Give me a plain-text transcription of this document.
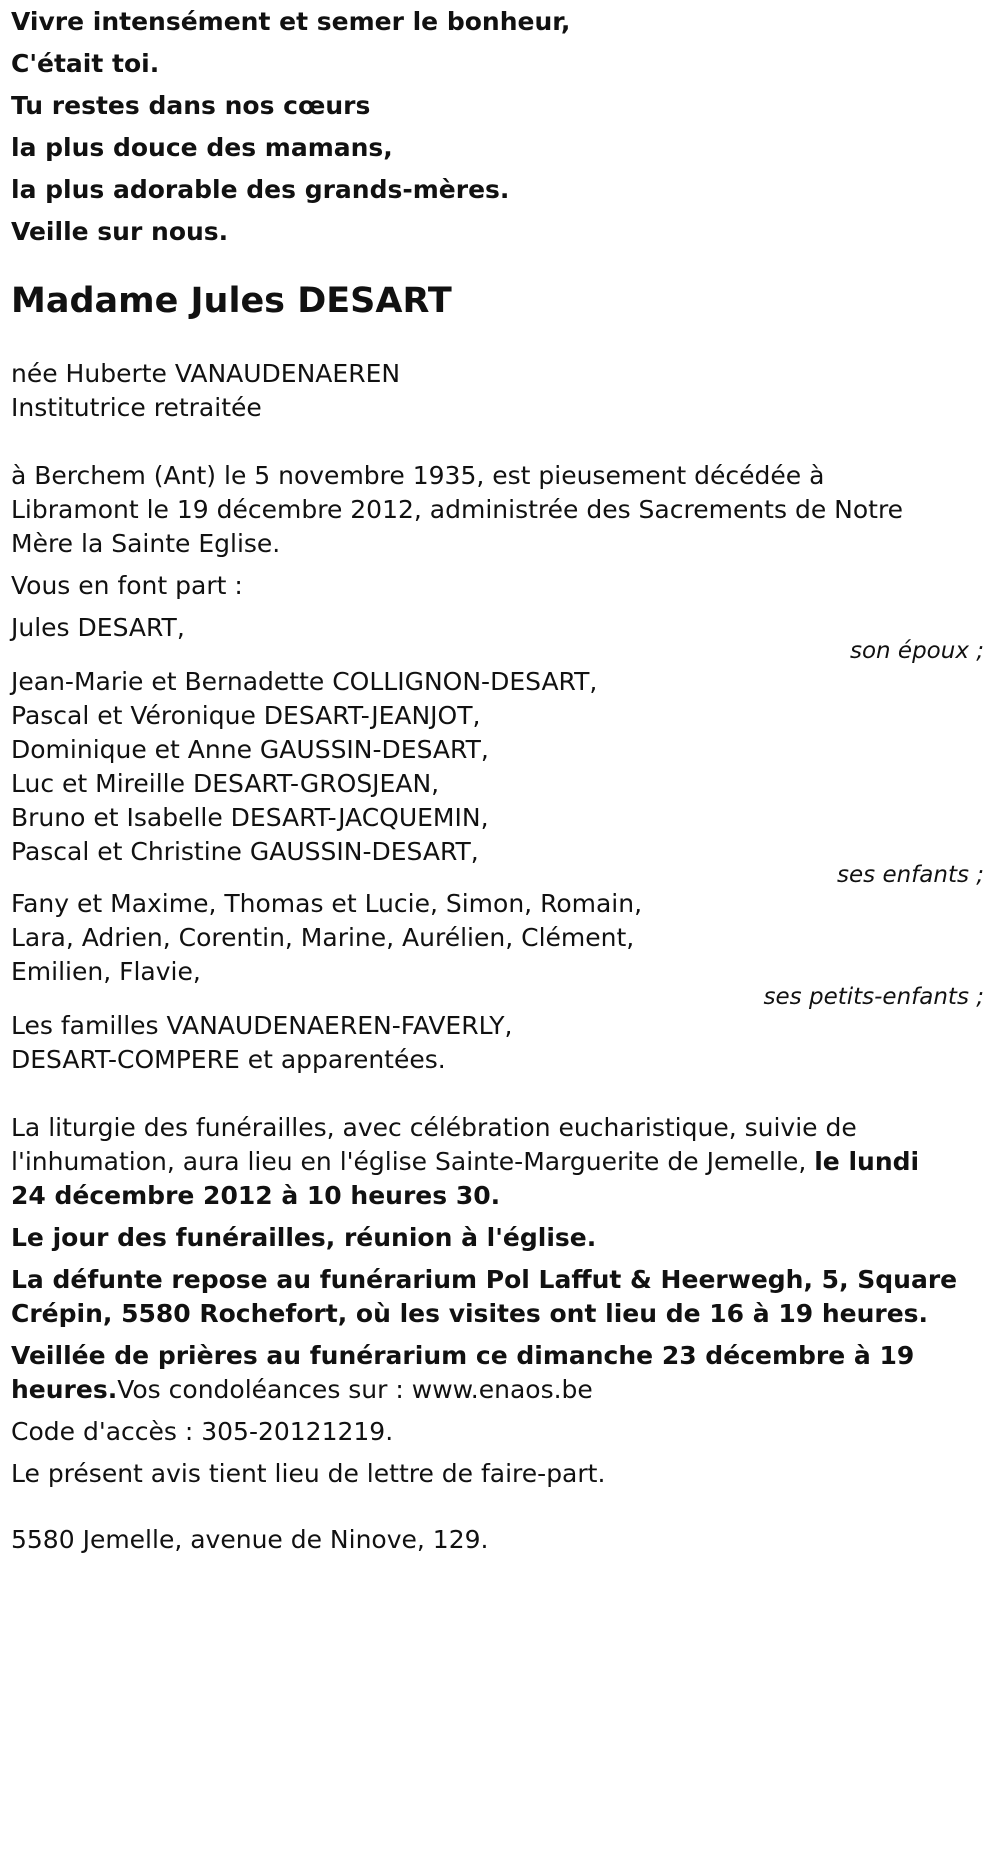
Vivre intensément et semer le bonheur,

C'était toi.

Tu restes dans nos cœurs

la plus douce des mamans,

la plus adorable des grands-mères.

Veille sur nous.

Madame Jules DESART

née Huberte VANAUDENAEREN

Institutrice retraitée

à Berchem (Ant) le 5 novembre 1935, est pieusement décédée à

Libramont le 19 décembre 2012, administrée des Sacrements de Notre

Mère la Sainte Eglise.

Vous en font part :

Jules DESART,

son époux ;

Jean-Marie et Bernadette COLLIGNON-DESART,

Pascal et Véronique DESART-JEANJOT,

Dominique et Anne GAUSSIN-DESART,

Luc et Mireille DESART-GROSJEAN,

Bruno et Isabelle DESART-JACQUEMIN,

Pascal et Christine GAUSSIN-DESART,

ses enfants ;

Fany et Maxime, Thomas et Lucie, Simon, Romain,

Lara, Adrien, Corentin, Marine, Aurélien, Clément,

Emilien, Flavie,

ses petits-enfants ;

Les familles VANAUDENAEREN-FAVERLY,

DESART-COMPERE et apparentées.

La liturgie des funérailles, avec célébration eucharistique, suivie de

l'inhumation, aura lieu en l'église Sainte-Marguerite de Jemelle, le lundi

24 décembre 2012 à 10 heures 30.

Le jour des funérailles, réunion à l'église.

La défunte repose au funérarium Pol Laffut & Heerwegh, 5, Square

Crépin, 5580 Rochefort, où les visites ont lieu de 16 à 19 heures.

Veillée de prières au funérarium ce dimanche 23 décembre à 19

heures.Vos condoléances sur : www.enaos.be

Code d'accès : 305-20121219.

Le présent avis tient lieu de lettre de faire-part.

5580 Jemelle, avenue de Ninove, 129.
